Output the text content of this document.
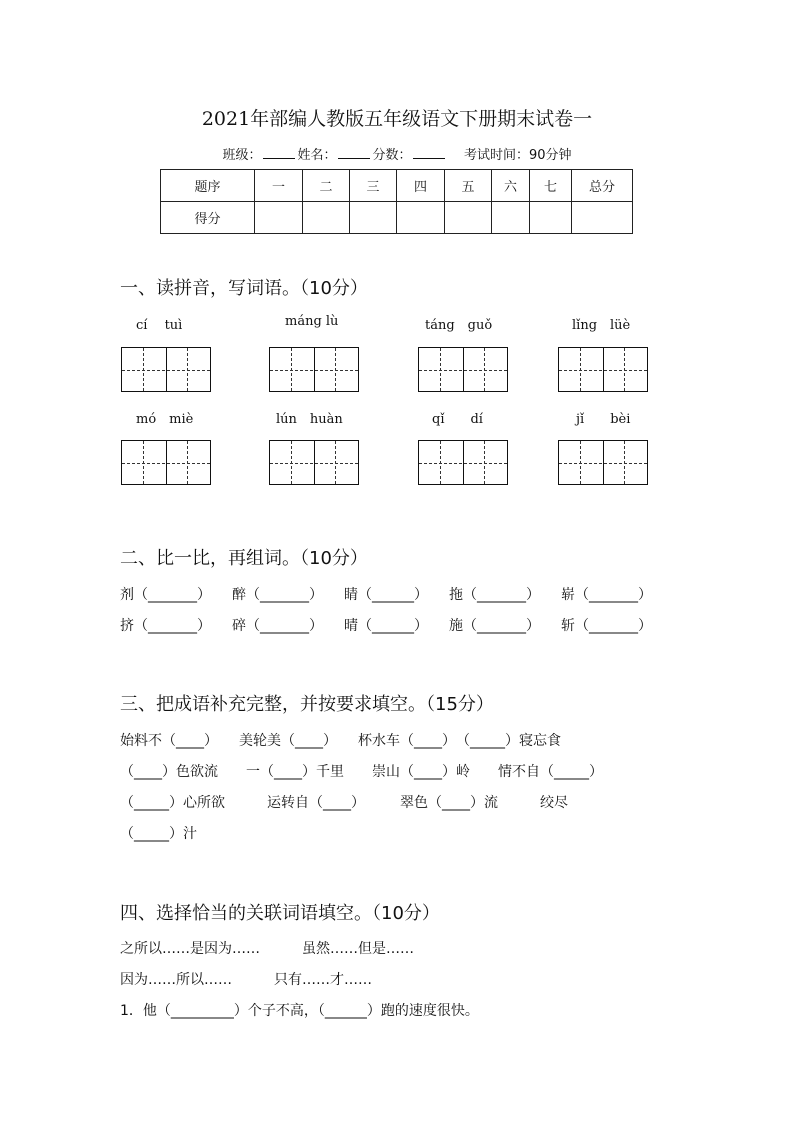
2021年部编人教版五年级语文下册期末试卷一
班级：	姓名：	分数：	考试时间：90分钟
题序	一	二	三	四	五	六	七	总分
得分								
一、读拼音，写词语。（10分）
cí　 tuì	máng lù	táng　guǒ	lǐng　lüè
mó　miè	lún　huàn	qǐ　　dí	jǐ　　bèi
二、比一比，再组词。（10分）
剂（_______） 醉（_______） 睛（______） 拖（_______） 崭（_______）
挤（_______） 碎（_______） 晴（______） 施（_______） 斩（_______）
三、把成语补充完整，并按要求填空。（15分）
始料不（____）　　美轮美（____）　　杯水车（____）　（_____）寝忘食
（____）色欲流　　一（____）千里　　崇山（____）岭　　情不自（_____）
（_____）心所欲　　　运转自（____）　　　翠色（____）流　　　绞尽
（_____）汁
四、选择恰当的关联词语填空。（10分）
之所以……是因为……　　　虽然……但是……
因为……所以……　　　只有……才……
1．他（_________）个子不高，（______）跑的速度很快。
